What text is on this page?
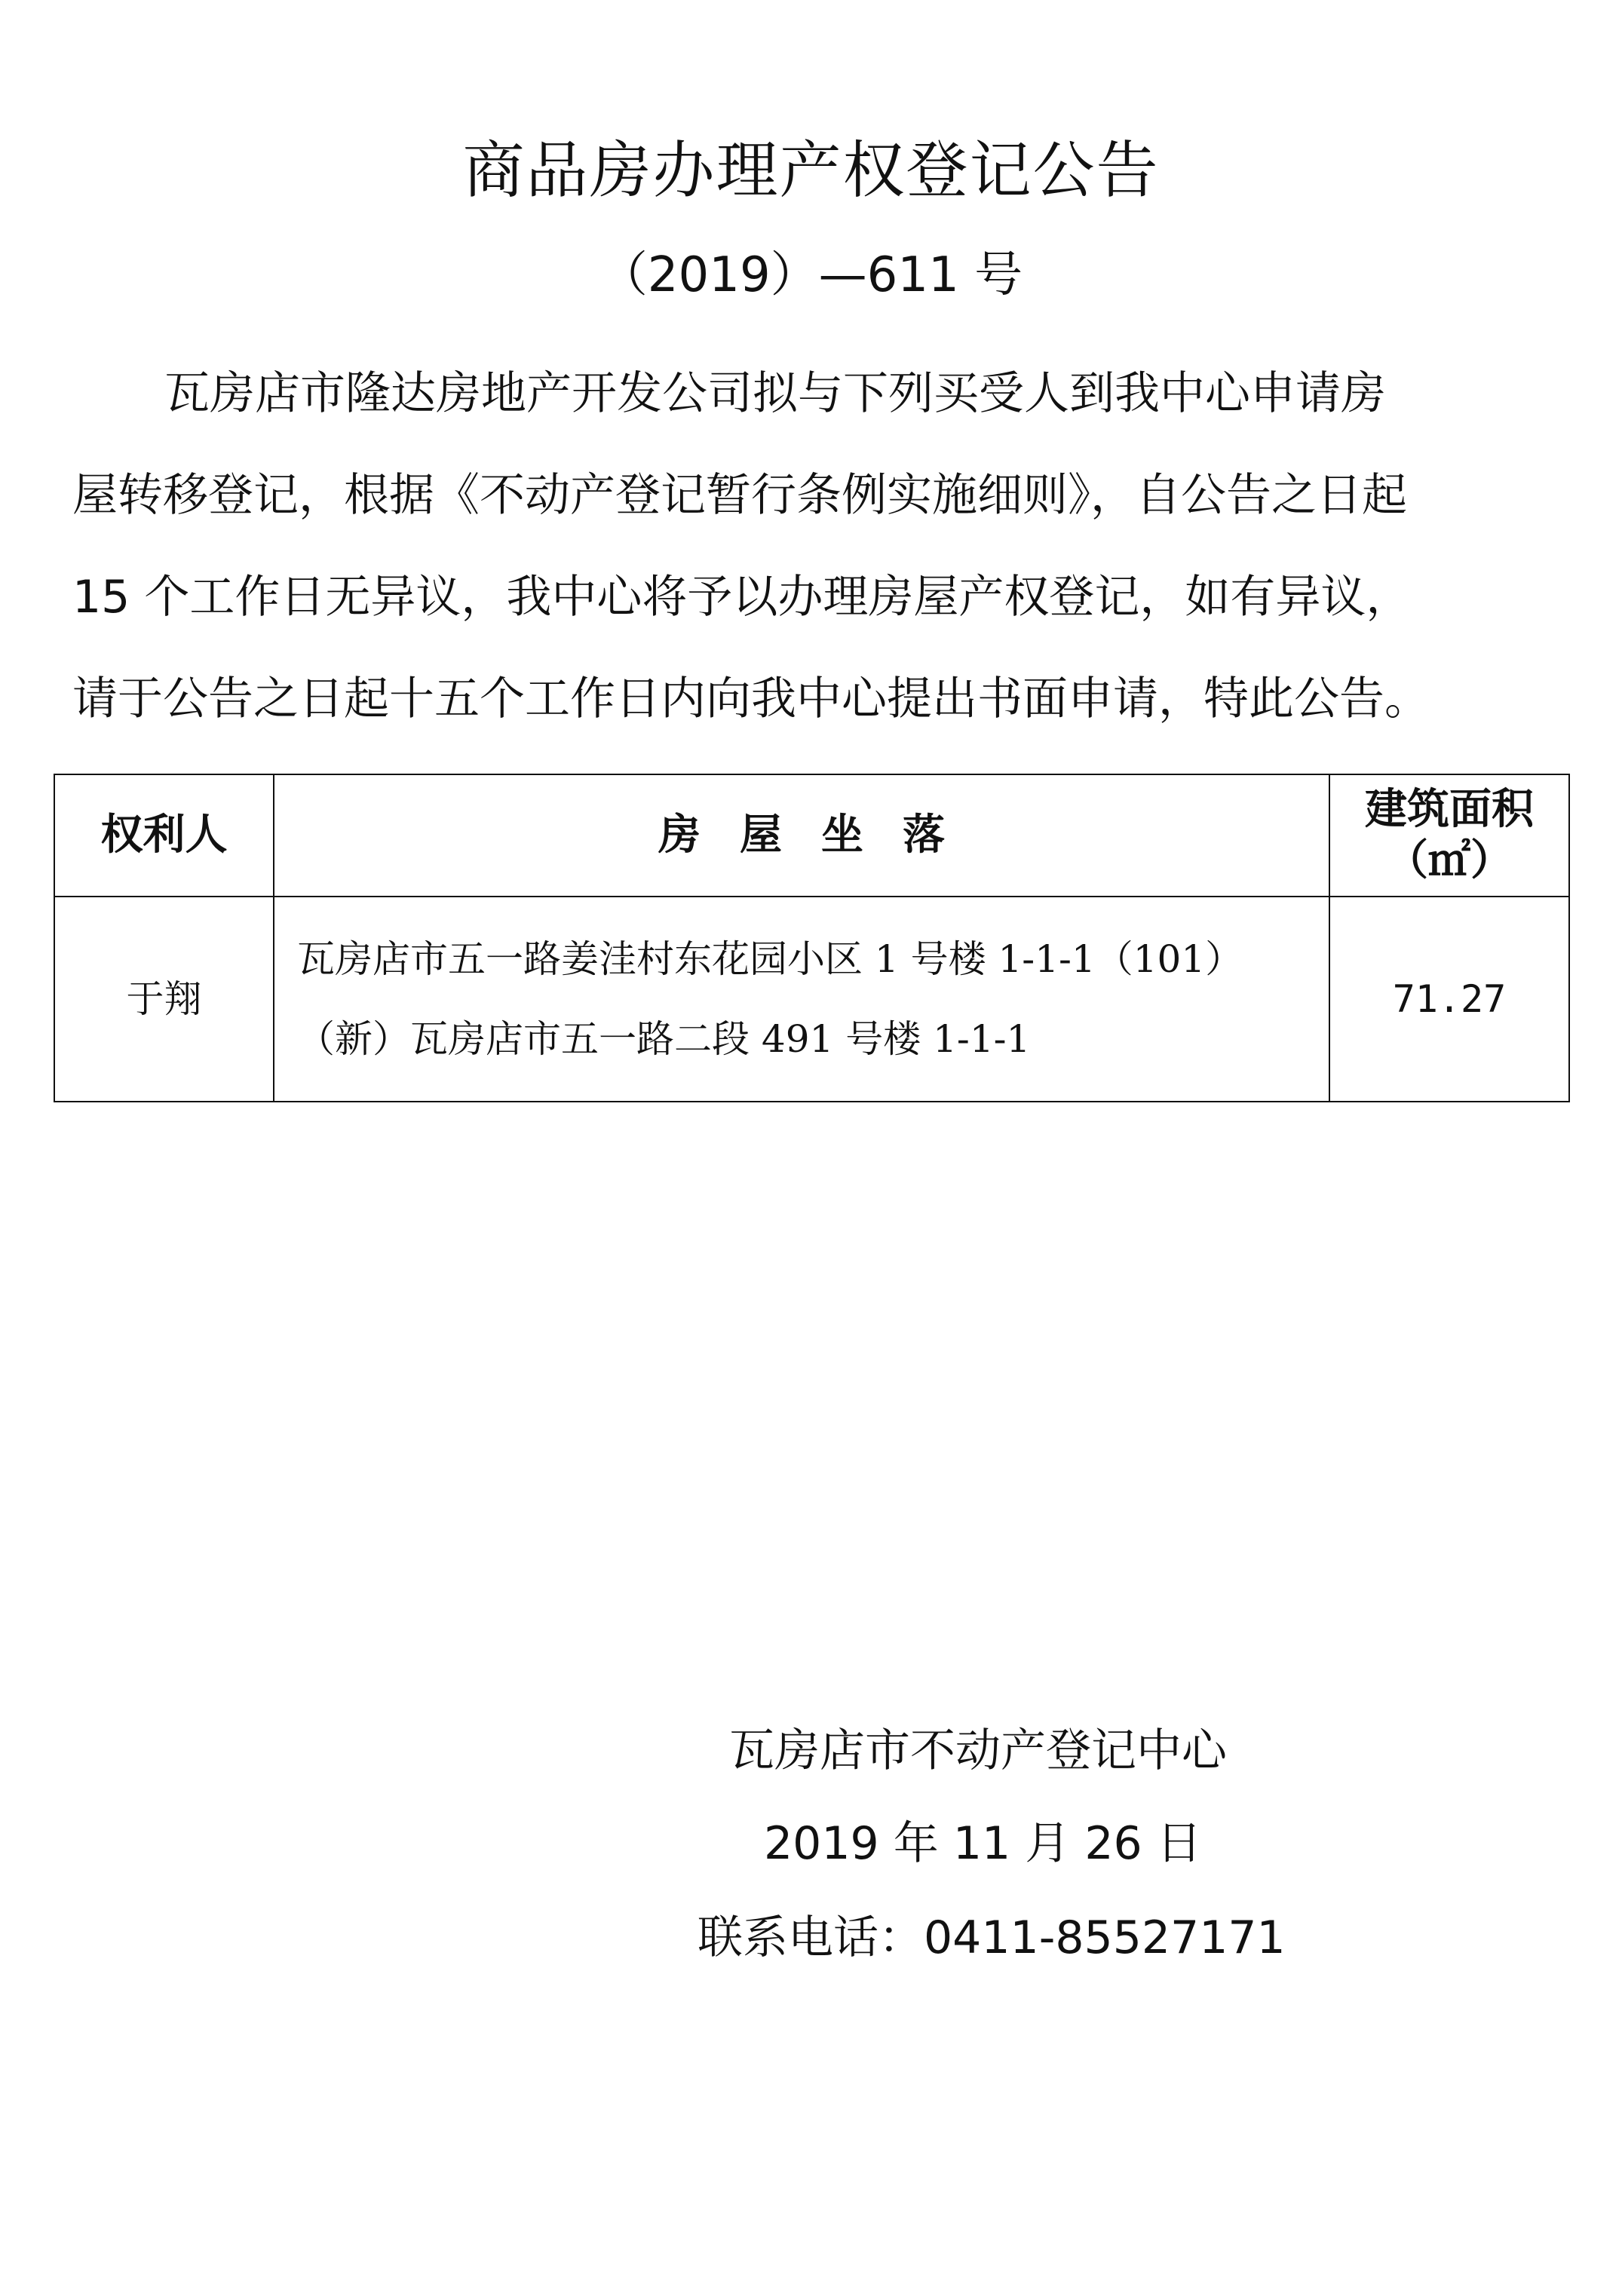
商品房办理产权登记公告
（2019）—611 号
瓦房店市隆达房地产开发公司拟与下列买受人到我中心申请房
屋转移登记，根据《不动产登记暂行条例实施细则》，自公告之日起
15 个工作日无异议，我中心将予以办理房屋产权登记，如有异议，
请于公告之日起十五个工作日内向我中心提出书面申请，特此公告。
权利人	房 屋 坐 落	建筑面积
（㎡）

于翔	瓦房店市五一路姜洼村东花园小区 1 号楼 1-1-1（101）
（新）瓦房店市五一路二段 491 号楼 1-1-1	71.27
瓦房店市不动产登记中心
2019 年 11 月 26 日
联系电话：0411-85527171
